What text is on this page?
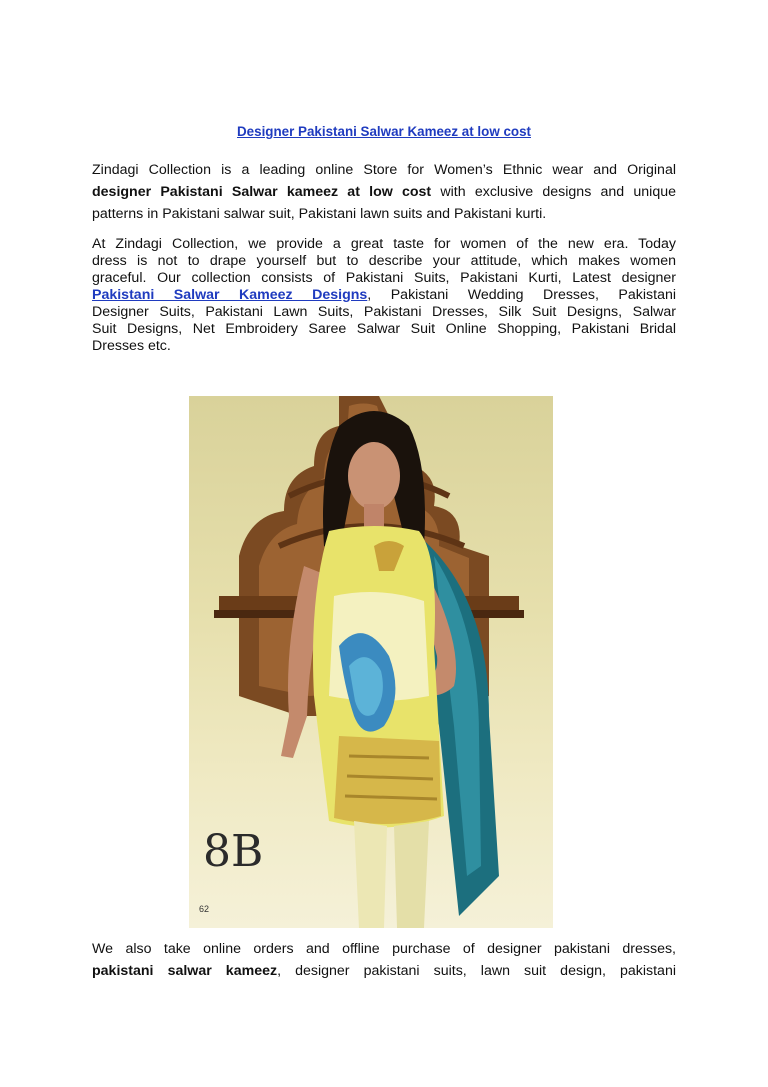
Designer Pakistani Salwar Kameez at low cost
Zindagi Collection is a leading online Store for Women’s Ethnic wear and Original
designer Pakistani Salwar kameez at low cost with exclusive designs and unique
patterns in Pakistani salwar suit, Pakistani lawn suits and Pakistani kurti.
At Zindagi Collection, we provide a great taste for women of the new era. Today
dress is not to drape yourself but to describe your attitude, which makes women
graceful. Our collection consists of Pakistani Suits, Pakistani Kurti, Latest designer
Pakistani Salwar Kameez Designs, Pakistani Wedding Dresses, Pakistani
Designer Suits, Pakistani Lawn Suits, Pakistani Dresses, Silk Suit Designs, Salwar
Suit Designs, Net Embroidery Saree Salwar Suit Online Shopping, Pakistani Bridal
Dresses etc.
8B
62
We also take online orders and offline purchase of designer pakistani dresses,
pakistani salwar kameez, designer pakistani suits, lawn suit design, pakistani
